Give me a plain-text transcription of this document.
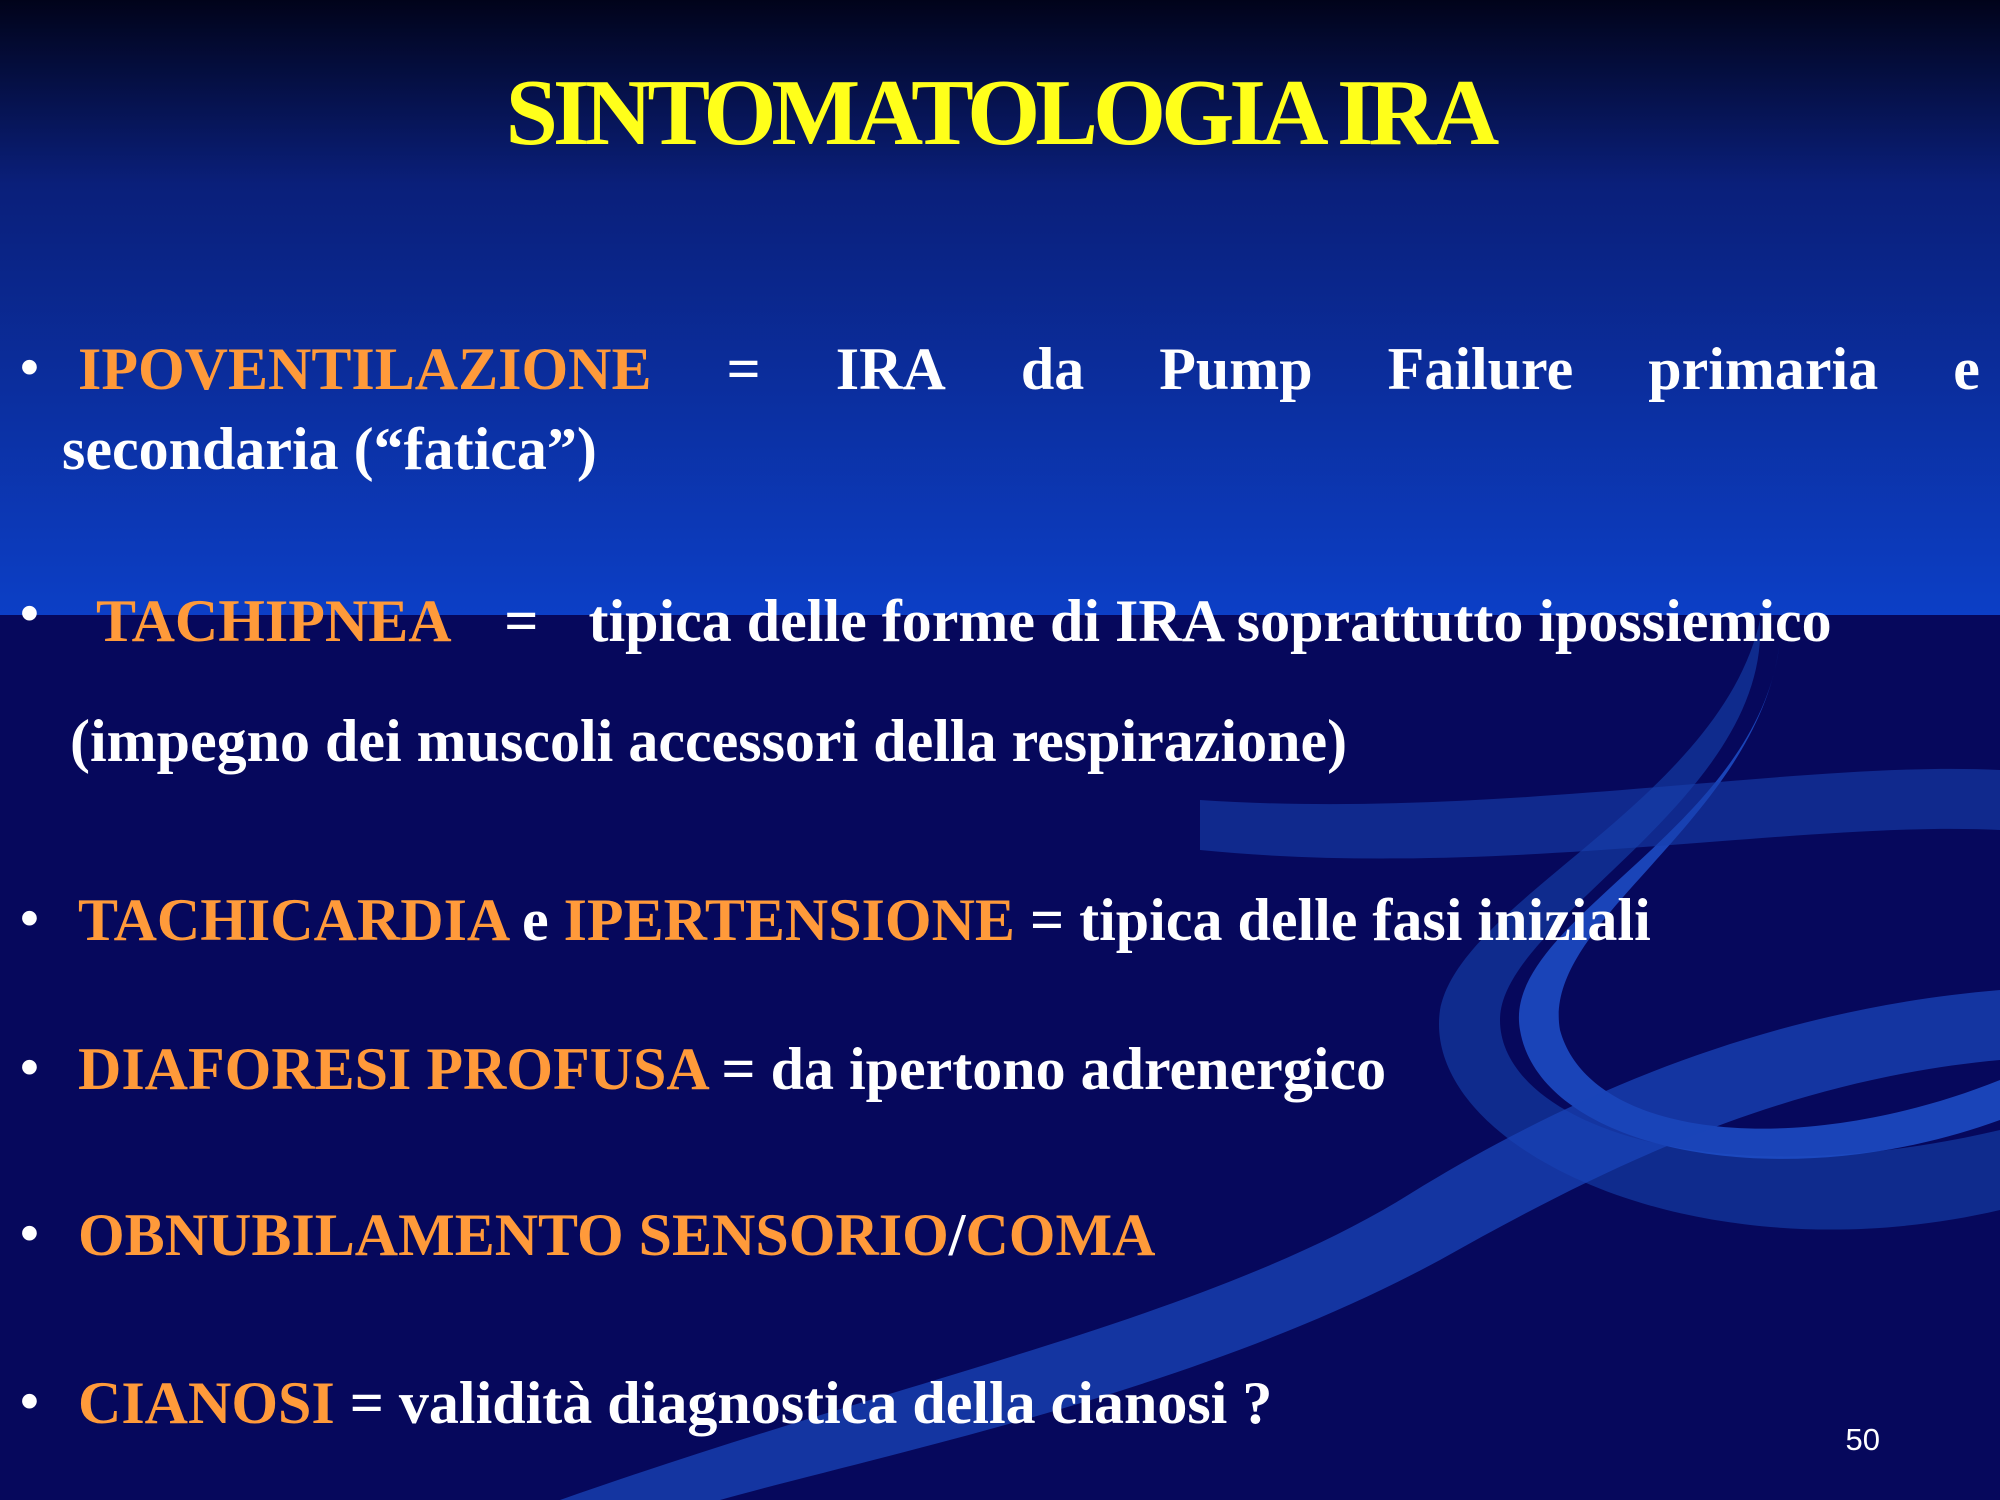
SINTOMATOLOGIA IRA
• IPOVENTILAZIONE = IRA da Pump Failure primaria e
secondaria (“fatica”)
• TACHIPNEA = tipica delle forme di IRA soprattutto ipossiemico
(impegno dei muscoli accessori della respirazione)
• TACHICARDIA e IPERTENSIONE = tipica delle fasi iniziali
• DIAFORESI PROFUSA = da ipertono adrenergico
• OBNUBILAMENTO SENSORIO/COMA
• CIANOSI = validità diagnostica della cianosi ?
50
